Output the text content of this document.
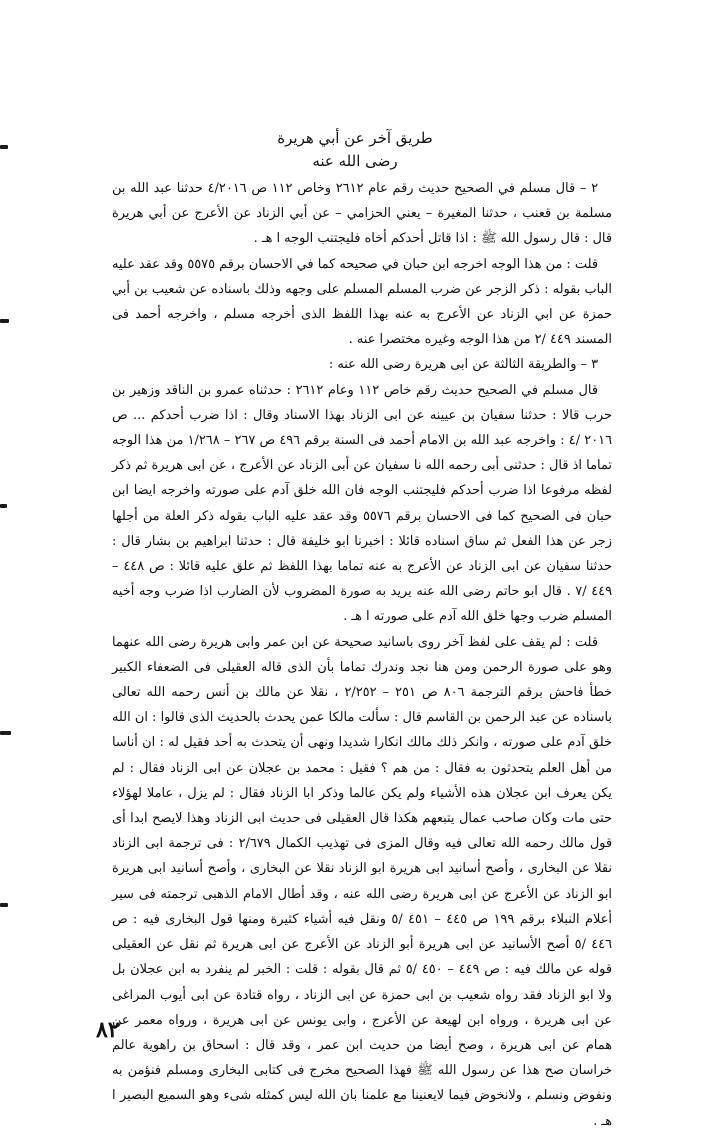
طريق آخر عن أبي هريرة
رضى الله عنه

٢ – قال مسلم في الصحيح حديث رقم عام ٢٦١٢ وخاص ١١٢ ص ٤/٢٠١٦ حدثنا عبد الله بن مسلمة بن قعنب ، حدثنا المغيرة – يعني الحزامي – عن أبي الزناد عن الأعرج عن أبي هريرة قال : قال رسول الله ﷺ : اذا قاتل أحدكم أخاه فليجتنب الوجه ا هـ .

قلت : من هذا الوجه اخرجه ابن حبان في صحيحه كما في الاحسان برقم ٥٥٧٥ وقد عقد عليه الباب بقوله : ذكر الزجر عن ضرب المسلم المسلم على وجهه وذلك باسناده عن شعيب بن أبي حمزة عن ابي الزناد عن الأعرج به عنه بهذا اللفظ الذى أخرجه مسلم ، واخرجه أحمد فى المسند ٤٤٩ /٢ من هذا الوجه وغيره مختصرا عنه .

٣ – والطريقة الثالثة عن ابى هريرة رضى الله عنه :

قال مسلم في الصحيح حديث رقم خاص ١١٢ وعام ٢٦١٢ : حدثناه عمرو بن الناقد وزهير بن حرب قالا : حدثنا سفيان بن عيينه عن ابى الزناد بهذا الاسناد وقال : اذا ضرب أحدكم ... ص ٢٠١٦ /٤ : واخرجه عبد الله بن الامام أحمد فى السنة برقم ٤٩٦ ص ٢٦٧ – ١/٢٦٨ من هذا الوجه تماما اذ قال : حدثنى أبى رحمه الله نا سفيان عن أبى الزناد عن الأعرج ، عن ابى هريرة ثم ذكر لفظه مرفوعا اذا ضرب أحدكم فليجتنب الوجه فان الله خلق آدم على صورته واخرجه ايضا ابن حبان فى الصحيح كما فى الاحسان برقم ٥٥٧٦ وقد عقد عليه الباب بقوله ذكر العلة من أجلها زجر عن هذا الفعل ثم ساق اسناده قائلا : اخبرنا ابو خليفة قال : حدثنا ابراهيم بن بشار قال : حدثنا سفيان عن ابى الزناد عن الأعرج به عنه تماما بهذا اللفظ ثم علق عليه قائلا : ص ٤٤٨ – ٤٤٩ /٧ . قال ابو حاتم رضى الله عنه يريد به صورة المضروب لأن الضارب اذا ضرب وجه أخيه المسلم ضرب وجها خلق الله آدم على صورته ا هـ .

قلت : لم يقف على لفظ آخر روى باسانيد صحيحة عن ابن عمر وابى هريرة رضى الله عنهما وهو على صورة الرحمن ومن هنا نجد وندرك تماما بأن الذى قاله العقيلى فى الضعفاء الكبير خطأ فاحش برقم الترجمة ٨٠٦ ص ٢٥١ – ٢/٢٥٢ ، نقلا عن مالك بن أنس رحمه الله تعالى باسناده عن عبد الرحمن بن القاسم قال : سألت مالكا عمن يحدث بالحديث الذى قالوا : ان الله خلق آدم على صورته ، وانكر ذلك مالك انكارا شديدا ونهى أن يتحدث به أحد فقيل له : ان أناسا من أهل العلم يتحدثون به فقال : من هم ؟ فقيل : محمد بن عجلان عن ابى الزناد فقال : لم يكن يعرف ابن عجلان هذه الأشياء ولم يكن عالما وذكر ابا الزناد فقال : لم يزل ، عاملا لهؤلاء حتى مات وكان صاحب عمال يتبعهم هكذا قال العقيلى فى حديث ابى الزناد وهذا لايصح ابدا أى قول مالك رحمه الله تعالى فيه وقال المزى فى تهذيب الكمال ٢/٦٧٩ : فى ترجمة ابى الزناد نقلا عن البخارى ، وأصح أسانيد ابى هريرة ابو الزناد نقلا عن البخارى ، وأصح أسانيد ابى هريرة ابو الزناد عن الأعرج عن ابى هريرة رضى الله عنه ، وقد أطال الامام الذهبى ترجمته فى سير أعلام النبلاء برقم ١٩٩ ص ٤٤٥ – ٤٥١ /٥ ونقل فيه أشياء كثيرة ومنها قول البخارى فيه : ص ٤٤٦ /٥ أصح الأسانيد عن ابى هريرة أبو الزناد عن الأعرج عن ابى هريرة ثم نقل عن العقيلى قوله عن مالك فيه : ص ٤٤٩ – ٤٥٠ /٥ ثم قال بقوله : قلت : الخبر لم ينفرد به ابن عجلان بل ولا ابو الزناد فقد رواه شعيب بن ابى حمزة عن ابى الزناد ، رواه قتادة عن ابى أيوب المراغى عن ابى هريرة ، ورواه ابن لهيعة عن الأعرج ، وابى يونس عن ابى هريرة ، ورواه معمر عن همام عن ابى هريرة ، وصح أيضا من حديث ابن عمر ، وقد قال : اسحاق بن راهوية عالم خراسان صح هذا عن رسول الله ﷺ فهذا الصحيح مخرج فى كتابى البخارى ومسلم فنؤمن به ونفوض ونسلم ، ولانخوض فيما لايعنينا مع علمنا بان الله ليس كمثله شىء وهو السميع البصير ا هـ .

٨٢
